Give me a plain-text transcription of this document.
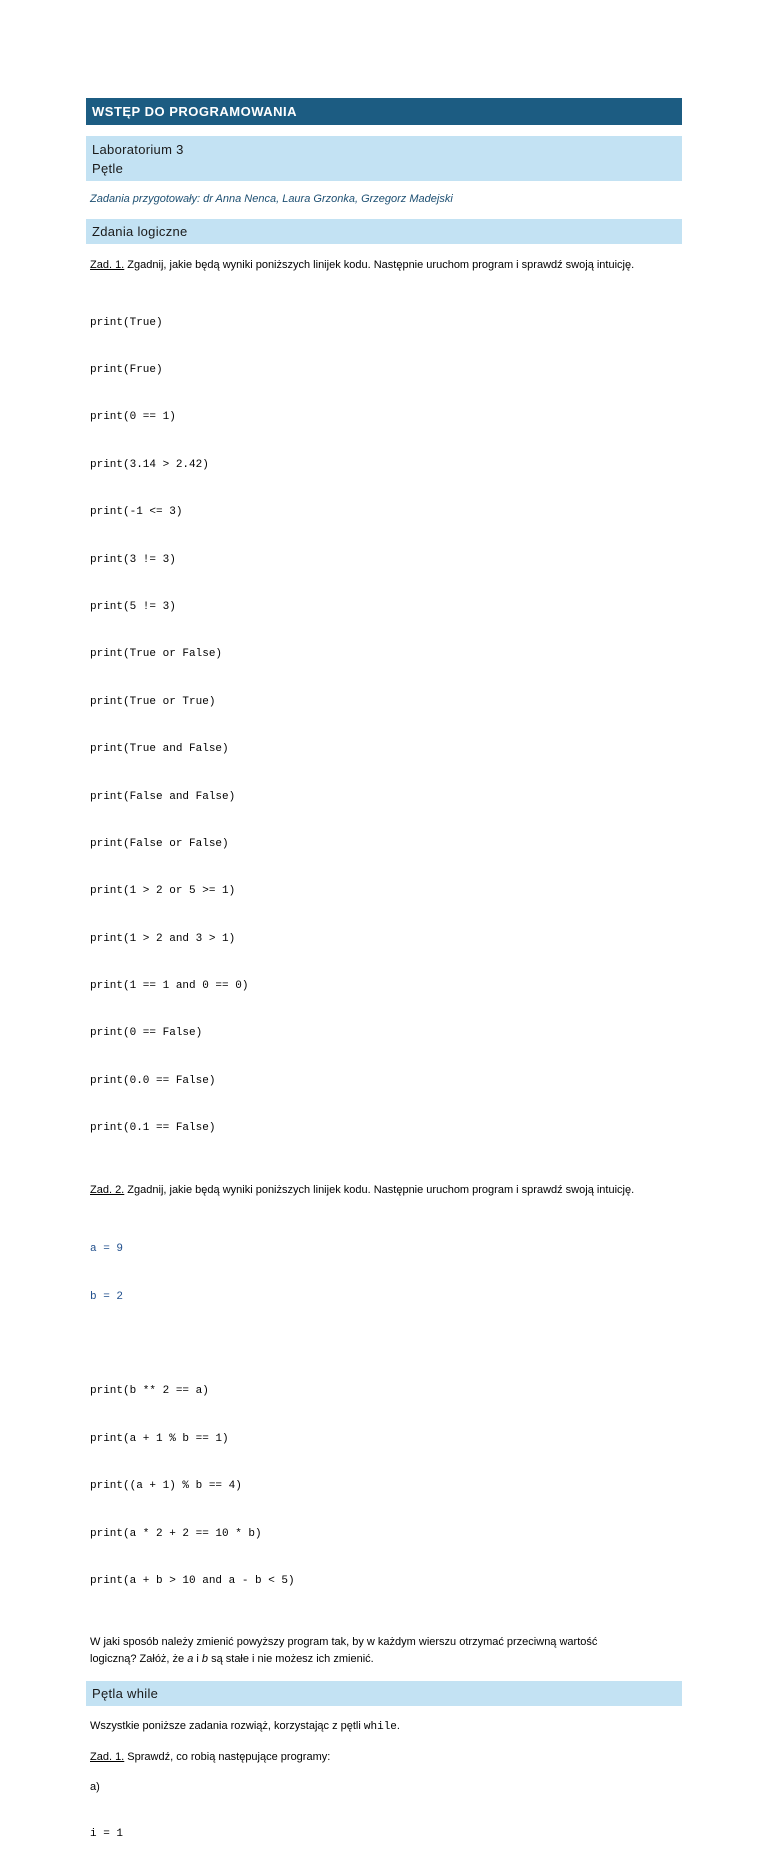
WSTĘP DO PROGRAMOWANIA
Laboratorium 3
Pętle
Zadania przygotowały: dr Anna Nenca, Laura Grzonka, Grzegorz Madejski
Zdania logiczne
Zad. 1. Zgadnij, jakie będą wyniki poniższych linijek kodu. Następnie uruchom program i sprawdź swoją intuicję.

print(True)

print(Frue)

print(0 == 1)

print(3.14 > 2.42)

print(-1 <= 3)

print(3 != 3)

print(5 != 3)

print(True or False)

print(True or True)

print(True and False)

print(False and False)

print(False or False)

print(1 > 2 or 5 >= 1)

print(1 > 2 and 3 > 1)

print(1 == 1 and 0 == 0)

print(0 == False)

print(0.0 == False)

print(0.1 == False)

Zad. 2. Zgadnij, jakie będą wyniki poniższych linijek kodu. Następnie uruchom program i sprawdź swoją intuicję.

a = 9

b = 2

print(b ** 2 == a)

print(a + 1 % b == 1)

print((a + 1) % b == 4)

print(a * 2 + 2 == 10 * b)

print(a + b > 10 and a - b < 5)

W jaki sposób należy zmienić powyższy program tak, by w każdym wierszu otrzymać przeciwną wartość
logiczną? Załóż, że a i b są stałe i nie możesz ich zmienić.
Pętla while
Wszystkie poniższe zadania rozwiąż, korzystając z pętli while.
Zad. 1. Sprawdź, co robią następujące programy:
a)

i = 1
